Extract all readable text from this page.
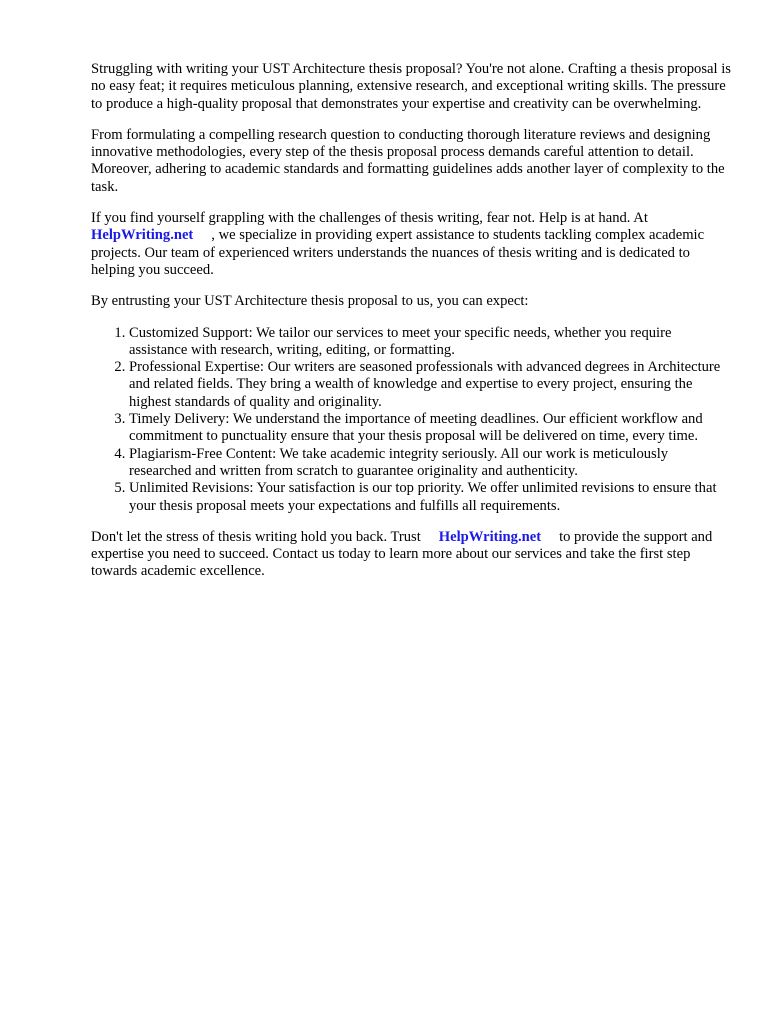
Struggling with writing your UST Architecture thesis proposal? You're not alone. Crafting a thesis proposal is no easy feat; it requires meticulous planning, extensive research, and exceptional writing skills. The pressure to produce a high-quality proposal that demonstrates your expertise and creativity can be overwhelming.

From formulating a compelling research question to conducting thorough literature reviews and designing innovative methodologies, every step of the thesis proposal process demands careful attention to detail. Moreover, adhering to academic standards and formatting guidelines adds another layer of complexity to the task.

If you find yourself grappling with the challenges of thesis writing, fear not. Help is at hand. At HelpWriting.net , we specialize in providing expert assistance to students tackling complex academic projects. Our team of experienced writers understands the nuances of thesis writing and is dedicated to helping you succeed.

By entrusting your UST Architecture thesis proposal to us, you can expect:

1. Customized Support: We tailor our services to meet your specific needs, whether you require assistance with research, writing, editing, or formatting.
2. Professional Expertise: Our writers are seasoned professionals with advanced degrees in Architecture and related fields. They bring a wealth of knowledge and expertise to every project, ensuring the highest standards of quality and originality.
3. Timely Delivery: We understand the importance of meeting deadlines. Our efficient workflow and commitment to punctuality ensure that your thesis proposal will be delivered on time, every time.
4. Plagiarism-Free Content: We take academic integrity seriously. All our work is meticulously researched and written from scratch to guarantee originality and authenticity.
5. Unlimited Revisions: Your satisfaction is our top priority. We offer unlimited revisions to ensure that your thesis proposal meets your expectations and fulfills all requirements.

Don't let the stress of thesis writing hold you back. Trust HelpWriting.net to provide the support and expertise you need to succeed. Contact us today to learn more about our services and take the first step towards academic excellence.
